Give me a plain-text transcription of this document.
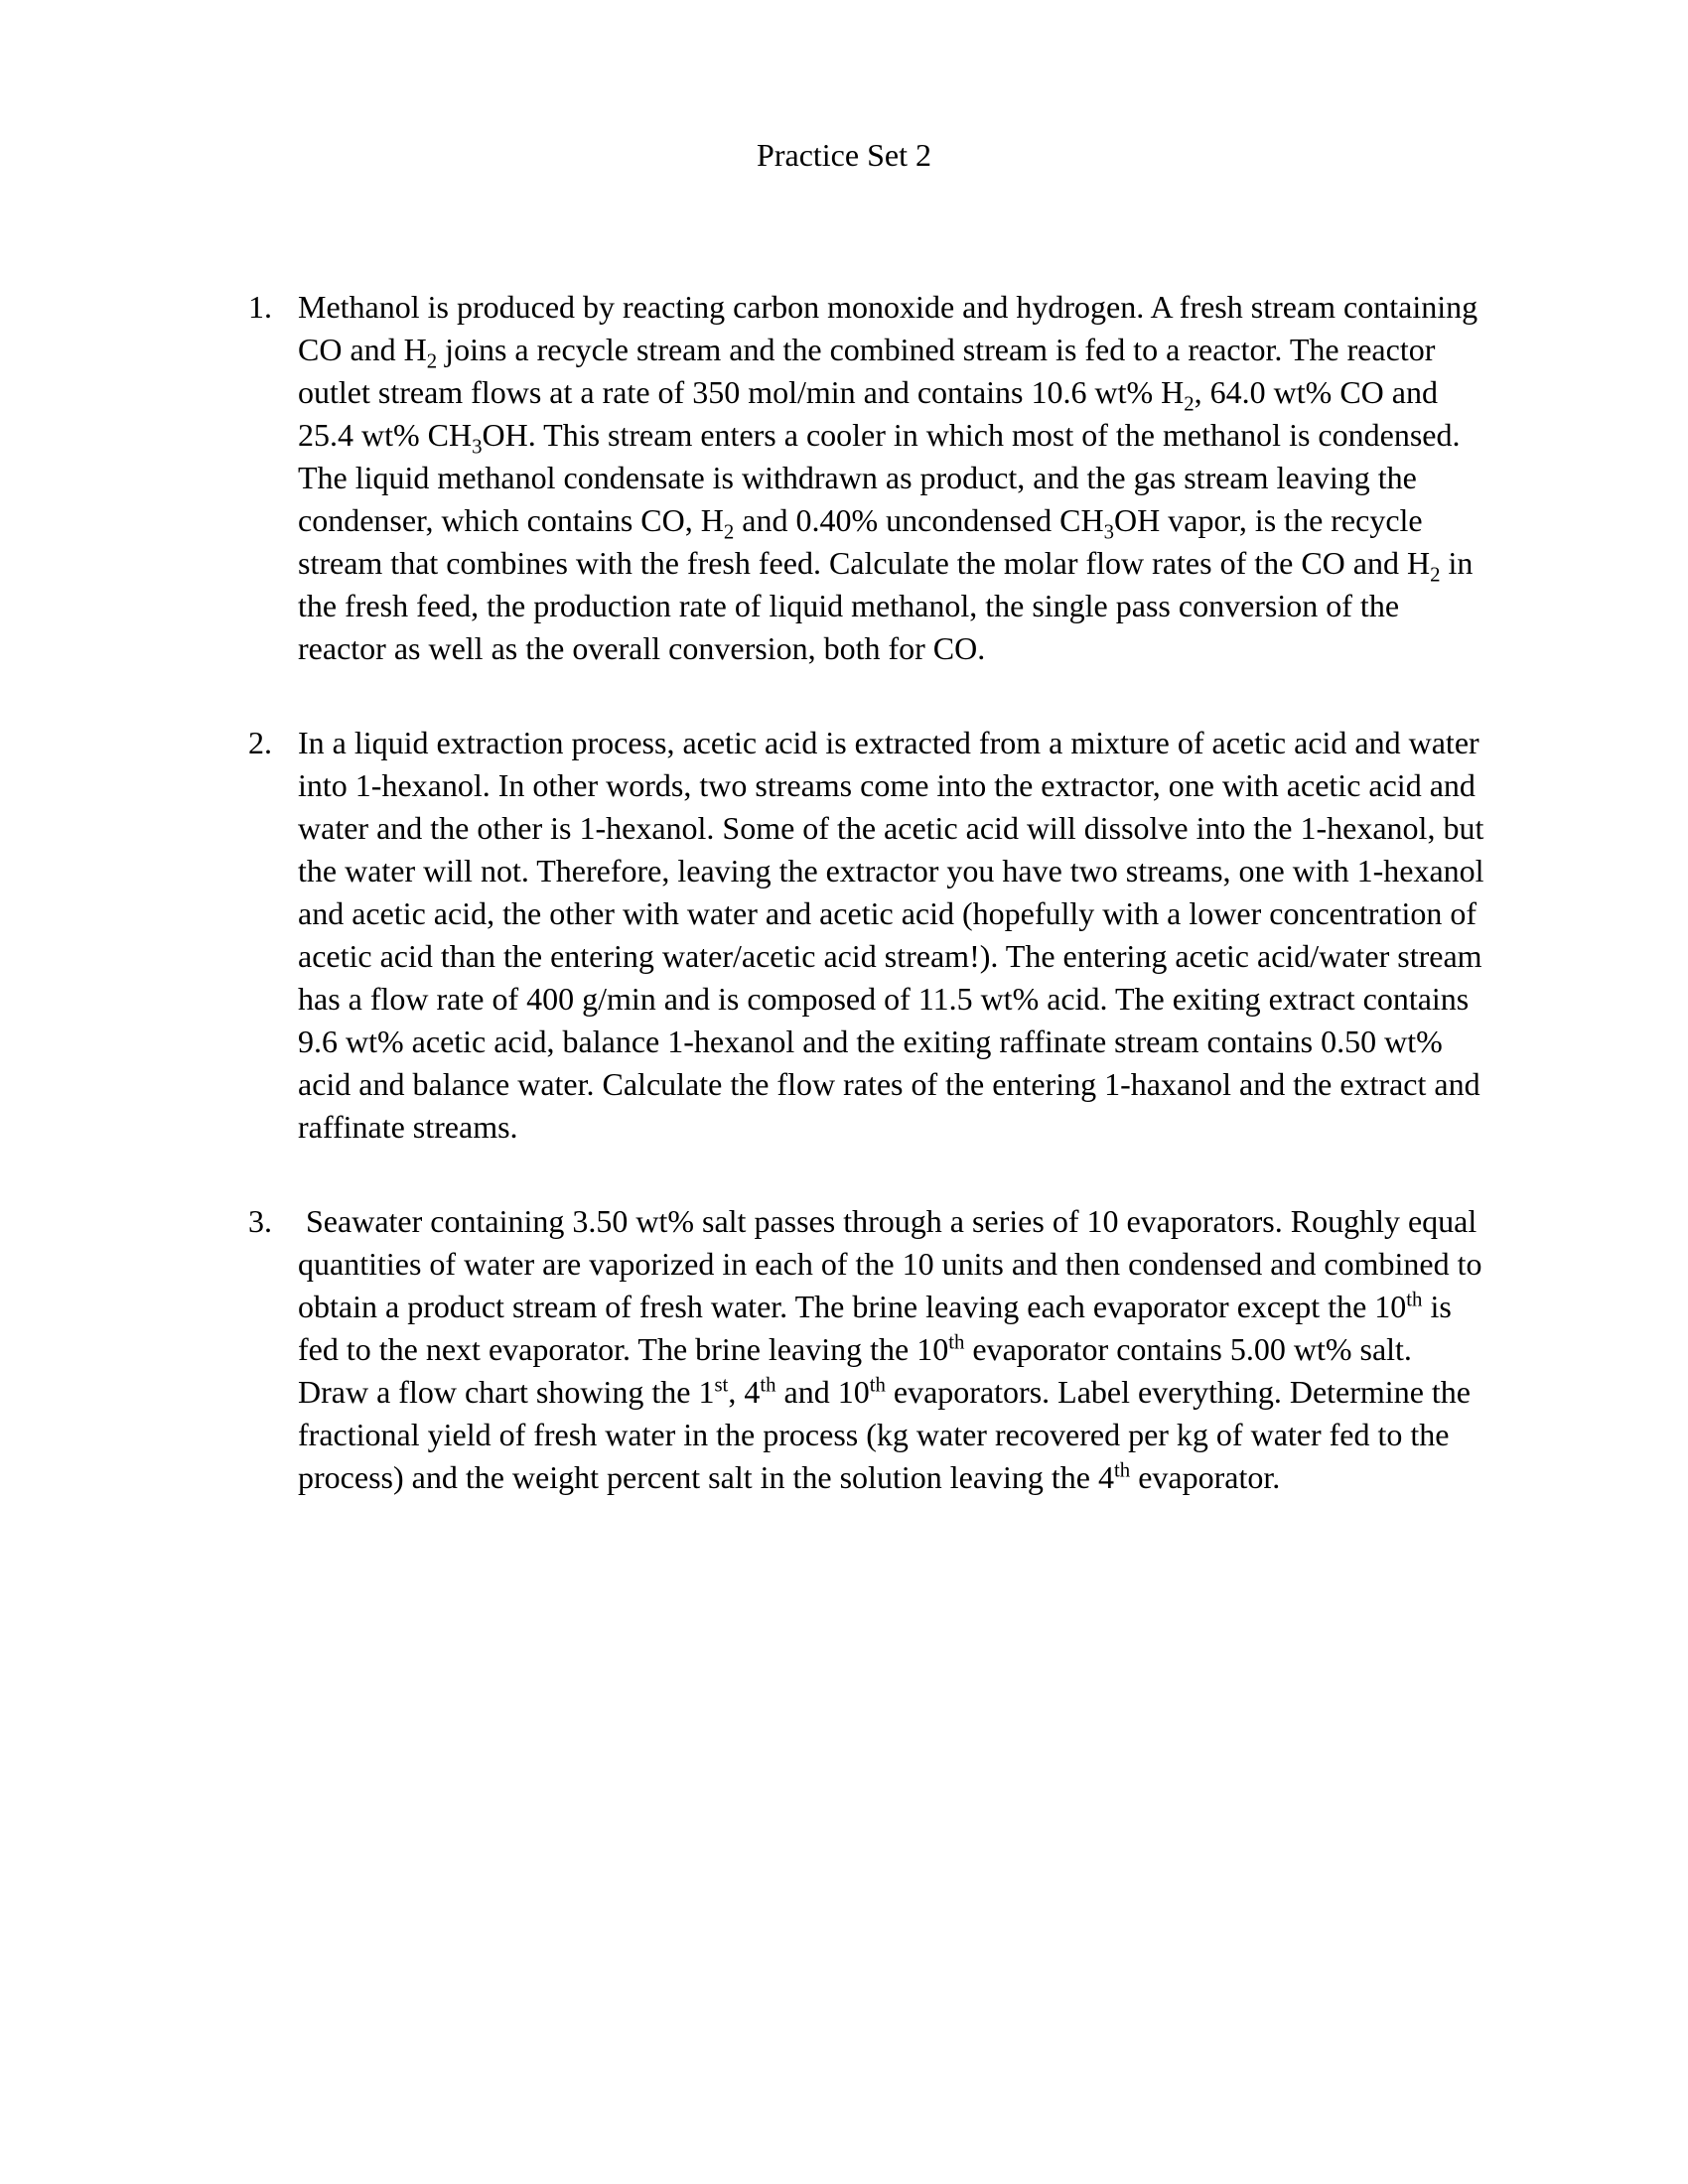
Practice Set 2
1. Methanol is produced by reacting carbon monoxide and hydrogen. A fresh stream containing CO and $H_2$ joins a recycle stream and the combined stream is fed to a reactor. The reactor outlet stream flows at a rate of 350 mol/min and contains 10.6 wt% $H_2$, 64.0 wt% CO and 25.4 wt% $CH_3OH$. This stream enters a cooler in which most of the methanol is condensed. The liquid methanol condensate is withdrawn as product, and the gas stream leaving the condenser, which contains CO, $H_2$ and 0.40% uncondensed $CH_3OH$ vapor, is the recycle stream that combines with the fresh feed. Calculate the molar flow rates of the CO and $H_2$ in the fresh feed, the production rate of liquid methanol, the single pass conversion of the reactor as well as the overall conversion, both for CO.

2. In a liquid extraction process, acetic acid is extracted from a mixture of acetic acid and water into 1-hexanol. In other words, two streams come into the extractor, one with acetic acid and water and the other is 1-hexanol. Some of the acetic acid will dissolve into the 1-hexanol, but the water will not. Therefore, leaving the extractor you have two streams, one with 1-hexanol and acetic acid, the other with water and acetic acid (hopefully with a lower concentration of acetic acid than the entering water/acetic acid stream!). The entering acetic acid/water stream has a flow rate of 400 g/min and is composed of 11.5 wt% acid. The exiting extract contains 9.6 wt% acetic acid, balance 1-hexanol and the exiting raffinate stream contains 0.50 wt% acid and balance water. Calculate the flow rates of the entering 1-haxanol and the extract and raffinate streams.

3. Seawater containing 3.50 wt% salt passes through a series of 10 evaporators. Roughly equal quantities of water are vaporized in each of the 10 units and then condensed and combined to obtain a product stream of fresh water. The brine leaving each evaporator except the 10th is fed to the next evaporator. The brine leaving the 10th evaporator contains 5.00 wt% salt. Draw a flow chart showing the 1st, 4th and 10th evaporators. Label everything. Determine the fractional yield of fresh water in the process (kg water recovered per kg of water fed to the process) and the weight percent salt in the solution leaving the 4th evaporator.
